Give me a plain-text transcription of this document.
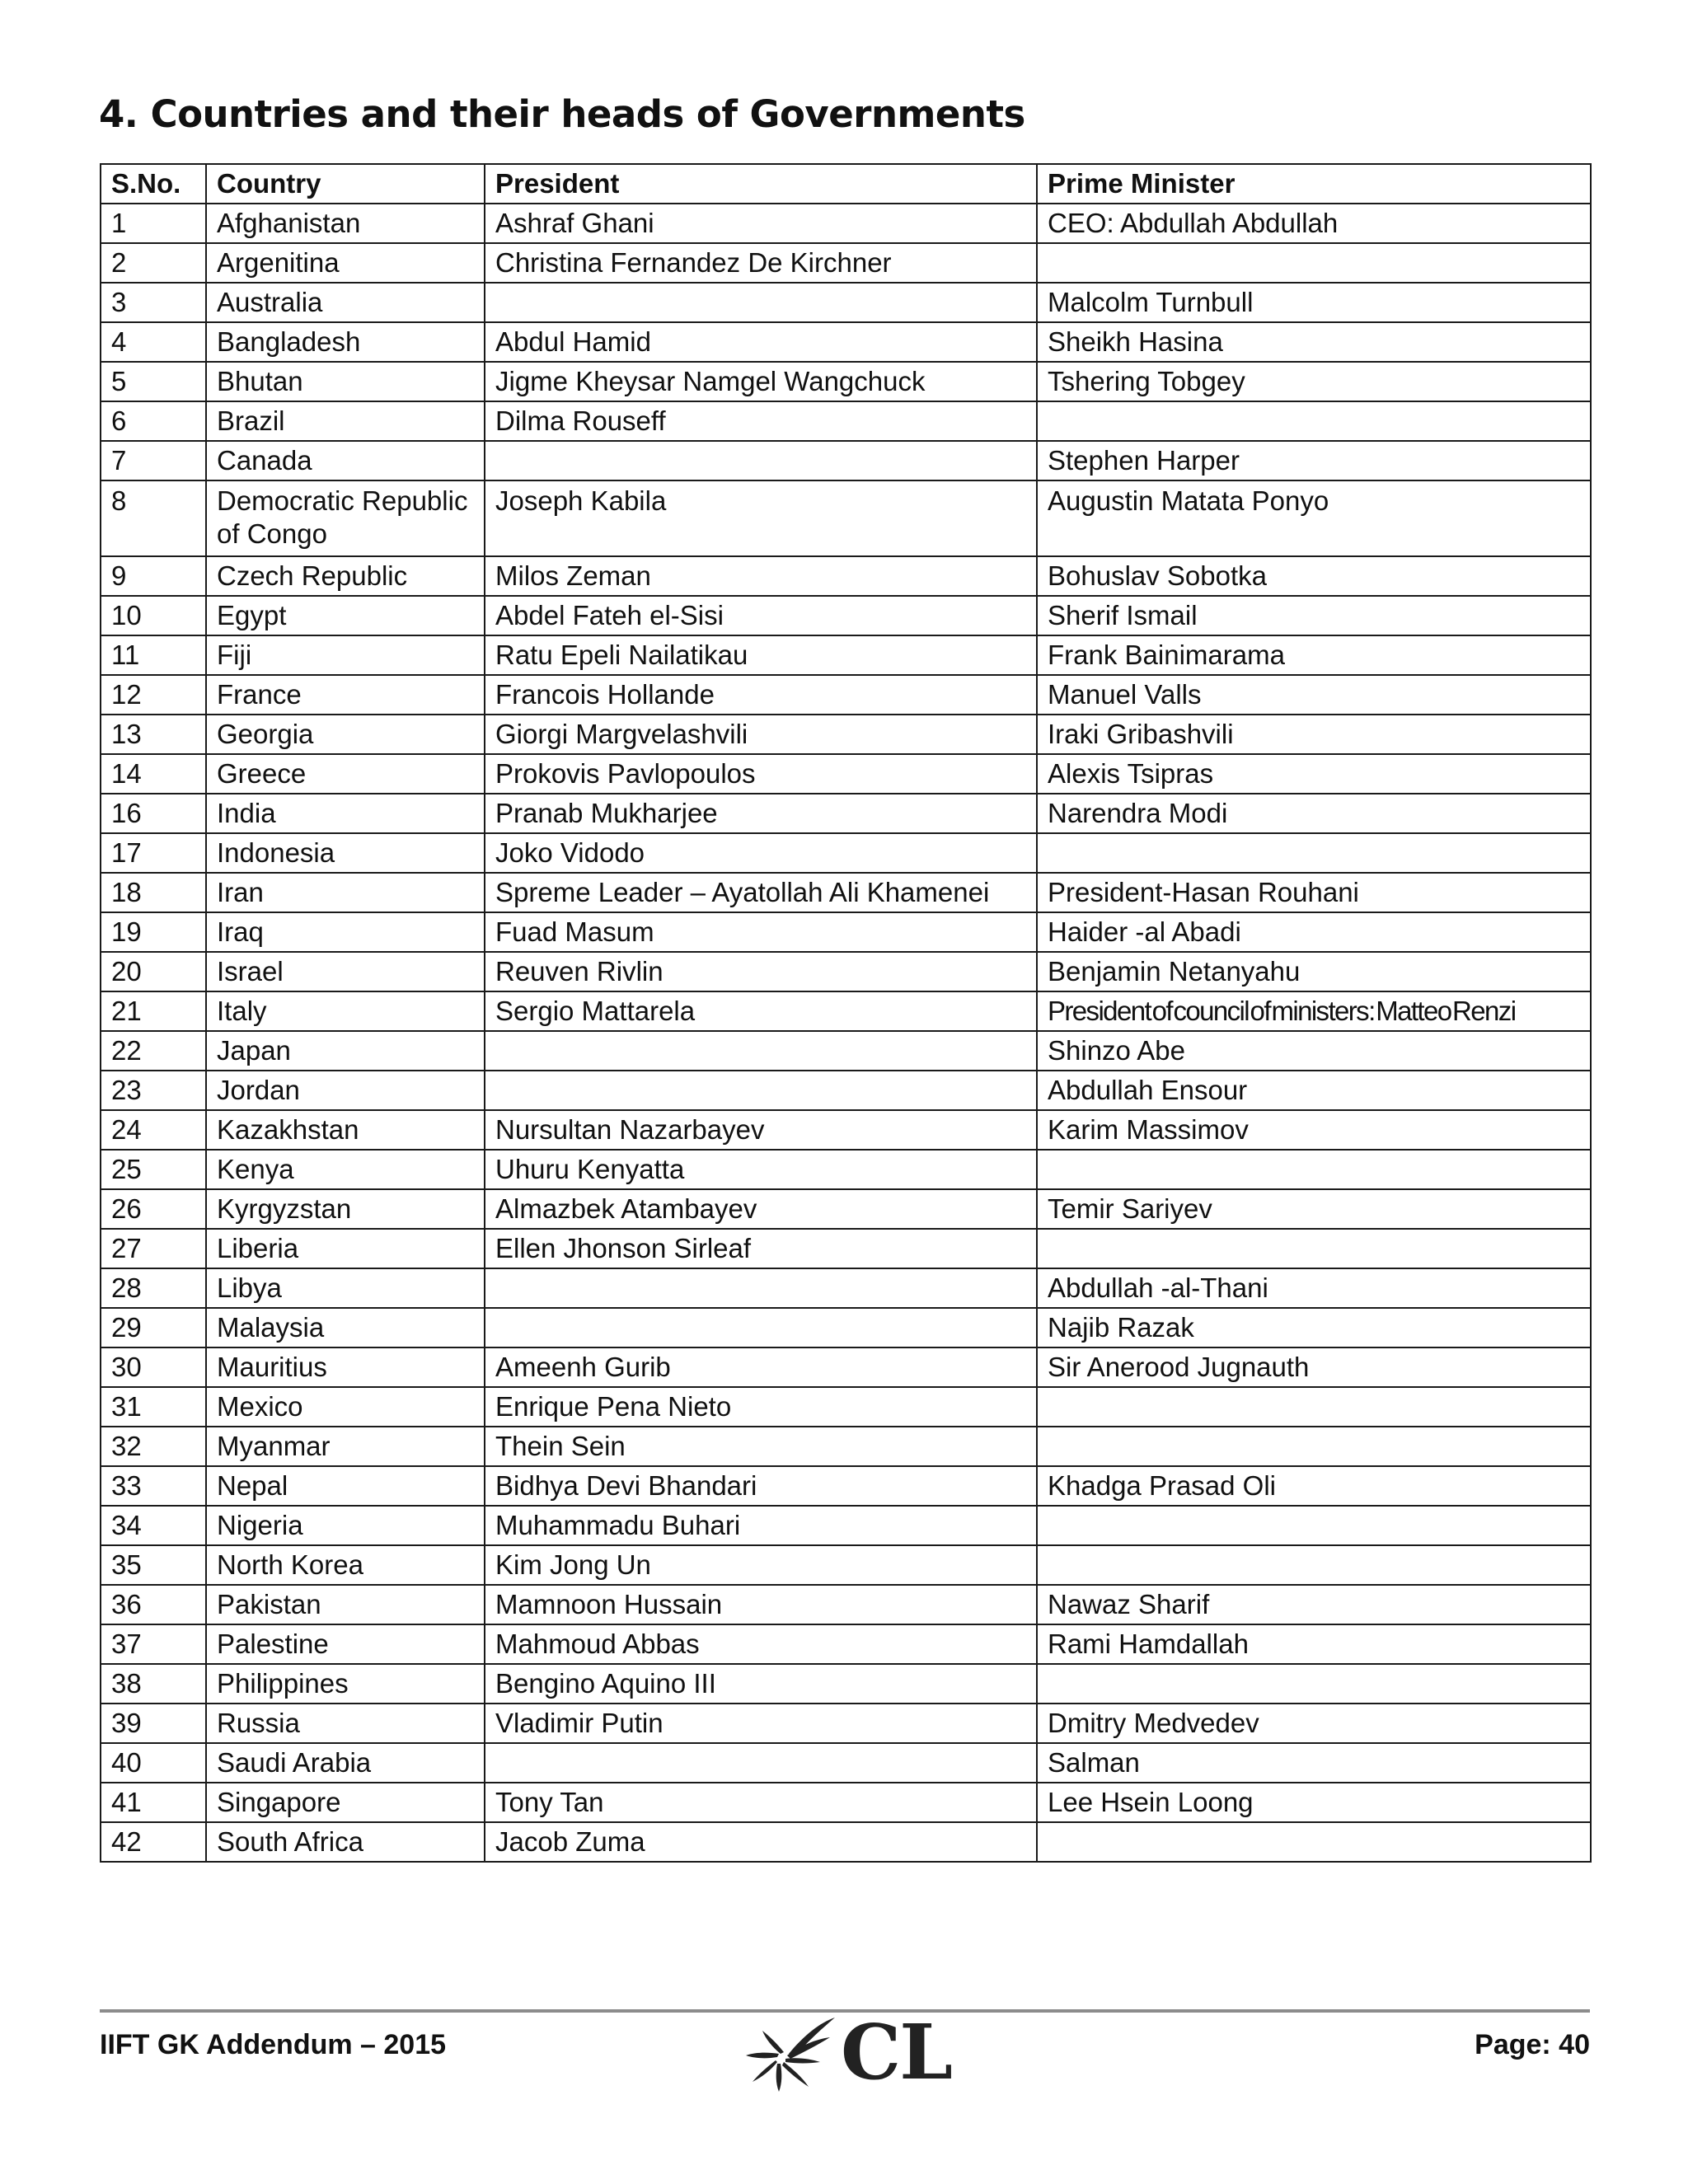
4. Countries and their heads of Governments
S.No.	Country	President	Prime Minister
1	Afghanistan	Ashraf Ghani	CEO: Abdullah Abdullah
2	Argenitina	Christina Fernandez De Kirchner	
3	Australia		Malcolm Turnbull
4	Bangladesh	Abdul Hamid	Sheikh Hasina
5	Bhutan	Jigme Kheysar Namgel Wangchuck	Tshering Tobgey
6	Brazil	Dilma Rouseff	
7	Canada		Stephen Harper
8	Democratic Republic of Congo	Joseph Kabila	Augustin Matata Ponyo
9	Czech Republic	Milos Zeman	Bohuslav Sobotka
10	Egypt	Abdel Fateh el-Sisi	Sherif Ismail
11	Fiji	Ratu Epeli Nailatikau	Frank Bainimarama
12	France	Francois Hollande	Manuel Valls
13	Georgia	Giorgi Margvelashvili	Iraki Gribashvili
14	Greece	Prokovis Pavlopoulos	Alexis Tsipras
16	India	Pranab Mukharjee	Narendra Modi
17	Indonesia	Joko Vidodo	
18	Iran	Spreme Leader – Ayatollah Ali Khamenei	President-Hasan Rouhani
19	Iraq	Fuad Masum	Haider -al Abadi
20	Israel	Reuven Rivlin	Benjamin Netanyahu
21	Italy	Sergio Mattarela	President of council of ministers: Matteo Renzi
22	Japan		Shinzo Abe
23	Jordan		Abdullah Ensour
24	Kazakhstan	Nursultan Nazarbayev	Karim Massimov
25	Kenya	Uhuru Kenyatta	
26	Kyrgyzstan	Almazbek Atambayev	Temir Sariyev
27	Liberia	Ellen Jhonson Sirleaf	
28	Libya		Abdullah -al-Thani
29	Malaysia		Najib Razak
30	Mauritius	Ameenh Gurib	Sir Anerood Jugnauth
31	Mexico	Enrique Pena Nieto	
32	Myanmar	Thein Sein	
33	Nepal	Bidhya Devi Bhandari	Khadga Prasad Oli
34	Nigeria	Muhammadu Buhari	
35	North Korea	Kim Jong Un	
36	Pakistan	Mamnoon Hussain	Nawaz Sharif
37	Palestine	Mahmoud Abbas	Rami Hamdallah
38	Philippines	Bengino Aquino III	
39	Russia	Vladimir Putin	Dmitry Medvedev
40	Saudi Arabia		Salman
41	Singapore	Tony Tan	Lee Hsein Loong
42	South Africa	Jacob Zuma	
IIFT GK Addendum – 2015	CL	Page: 40
